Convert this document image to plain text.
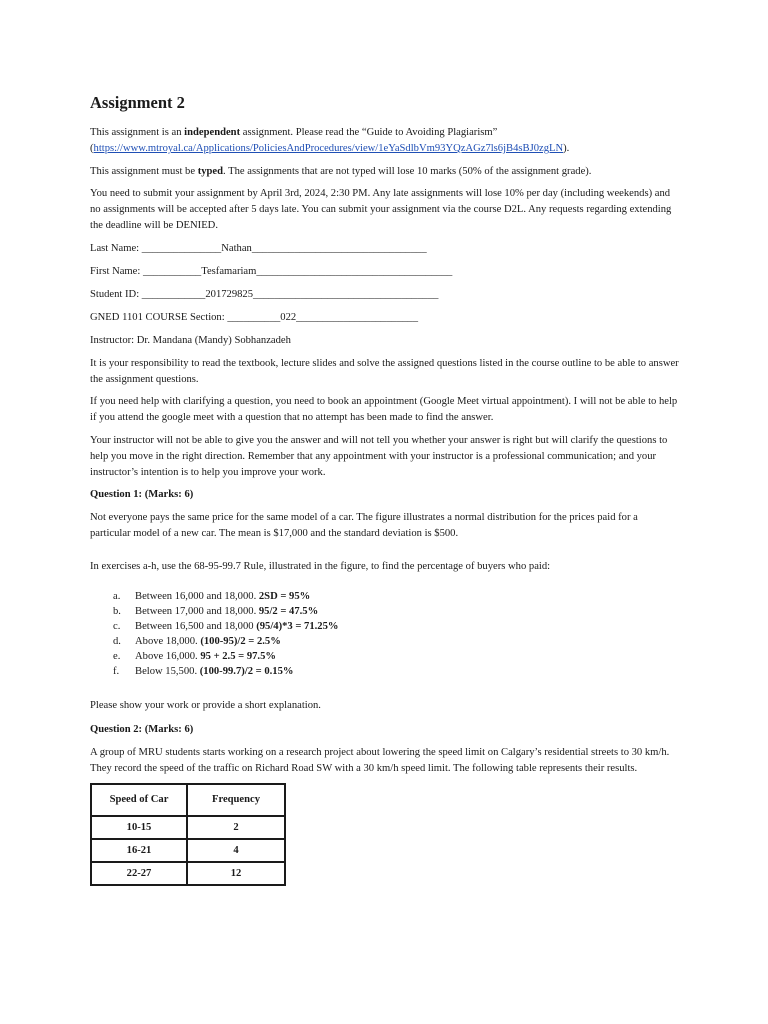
Assignment 2

This assignment is an independent assignment. Please read the “Guide to Avoiding Plagiarism”
(https://www.mtroyal.ca/Applications/PoliciesAndProcedures/view/1eYaSdlbVm93YQzAGz7ls6jB4sBJ0zgLN).

This assignment must be typed. The assignments that are not typed will lose 10 marks (50% of the assignment grade).

You need to submit your assignment by April 3rd, 2024, 2:30 PM. Any late assignments will lose 10% per day (including weekends) and no assignments will be accepted after 5 days late. You can submit your assignment via the course D2L. Any requests regarding extending the deadline will be DENIED.

Last Name: _______________Nathan_________________________________
First Name: ___________Tesfamariam_____________________________________
Student ID: ____________201729825___________________________________
GNED 1101 COURSE Section: __________022_______________________
Instructor: Dr. Mandana (Mandy) Sobhanzadeh

It is your responsibility to read the textbook, lecture slides and solve the assigned questions listed in the course outline to be able to answer the assignment questions.

If you need help with clarifying a question, you need to book an appointment (Google Meet virtual appointment). I will not be able to help if you attend the google meet with a question that no attempt has been made to find the answer.

Your instructor will not be able to give you the answer and will not tell you whether your answer is right but will clarify the questions to help you move in the right direction. Remember that any appointment with your instructor is a professional communication; and your instructor’s intention is to help you improve your work.

Question 1: (Marks: 6)

Not everyone pays the same price for the same model of a car. The figure illustrates a normal distribution for the prices paid for a particular model of a new car. The mean is $17,000 and the standard deviation is $500.

In exercises a-h, use the 68-95-99.7 Rule, illustrated in the figure, to find the percentage of buyers who paid:

a. Between 16,000 and 18,000. 2SD = 95%
b. Between 17,000 and 18,000. 95/2 = 47.5%
c. Between 16,500 and 18,000 (95/4)*3 = 71.25%
d. Above 18,000. (100-95)/2 = 2.5%
e. Above 16,000. 95 + 2.5 = 97.5%
f. Below 15,500. (100-99.7)/2 = 0.15%

Please show your work or provide a short explanation.

Question 2: (Marks: 6)

A group of MRU students starts working on a research project about lowering the speed limit on Calgary’s residential streets to 30 km/h. They record the speed of the traffic on Richard Road SW with a 30 km/h speed limit. The following table represents their results.

Speed of Car	Frequency
10-15	2
16-21	4
22-27	12
